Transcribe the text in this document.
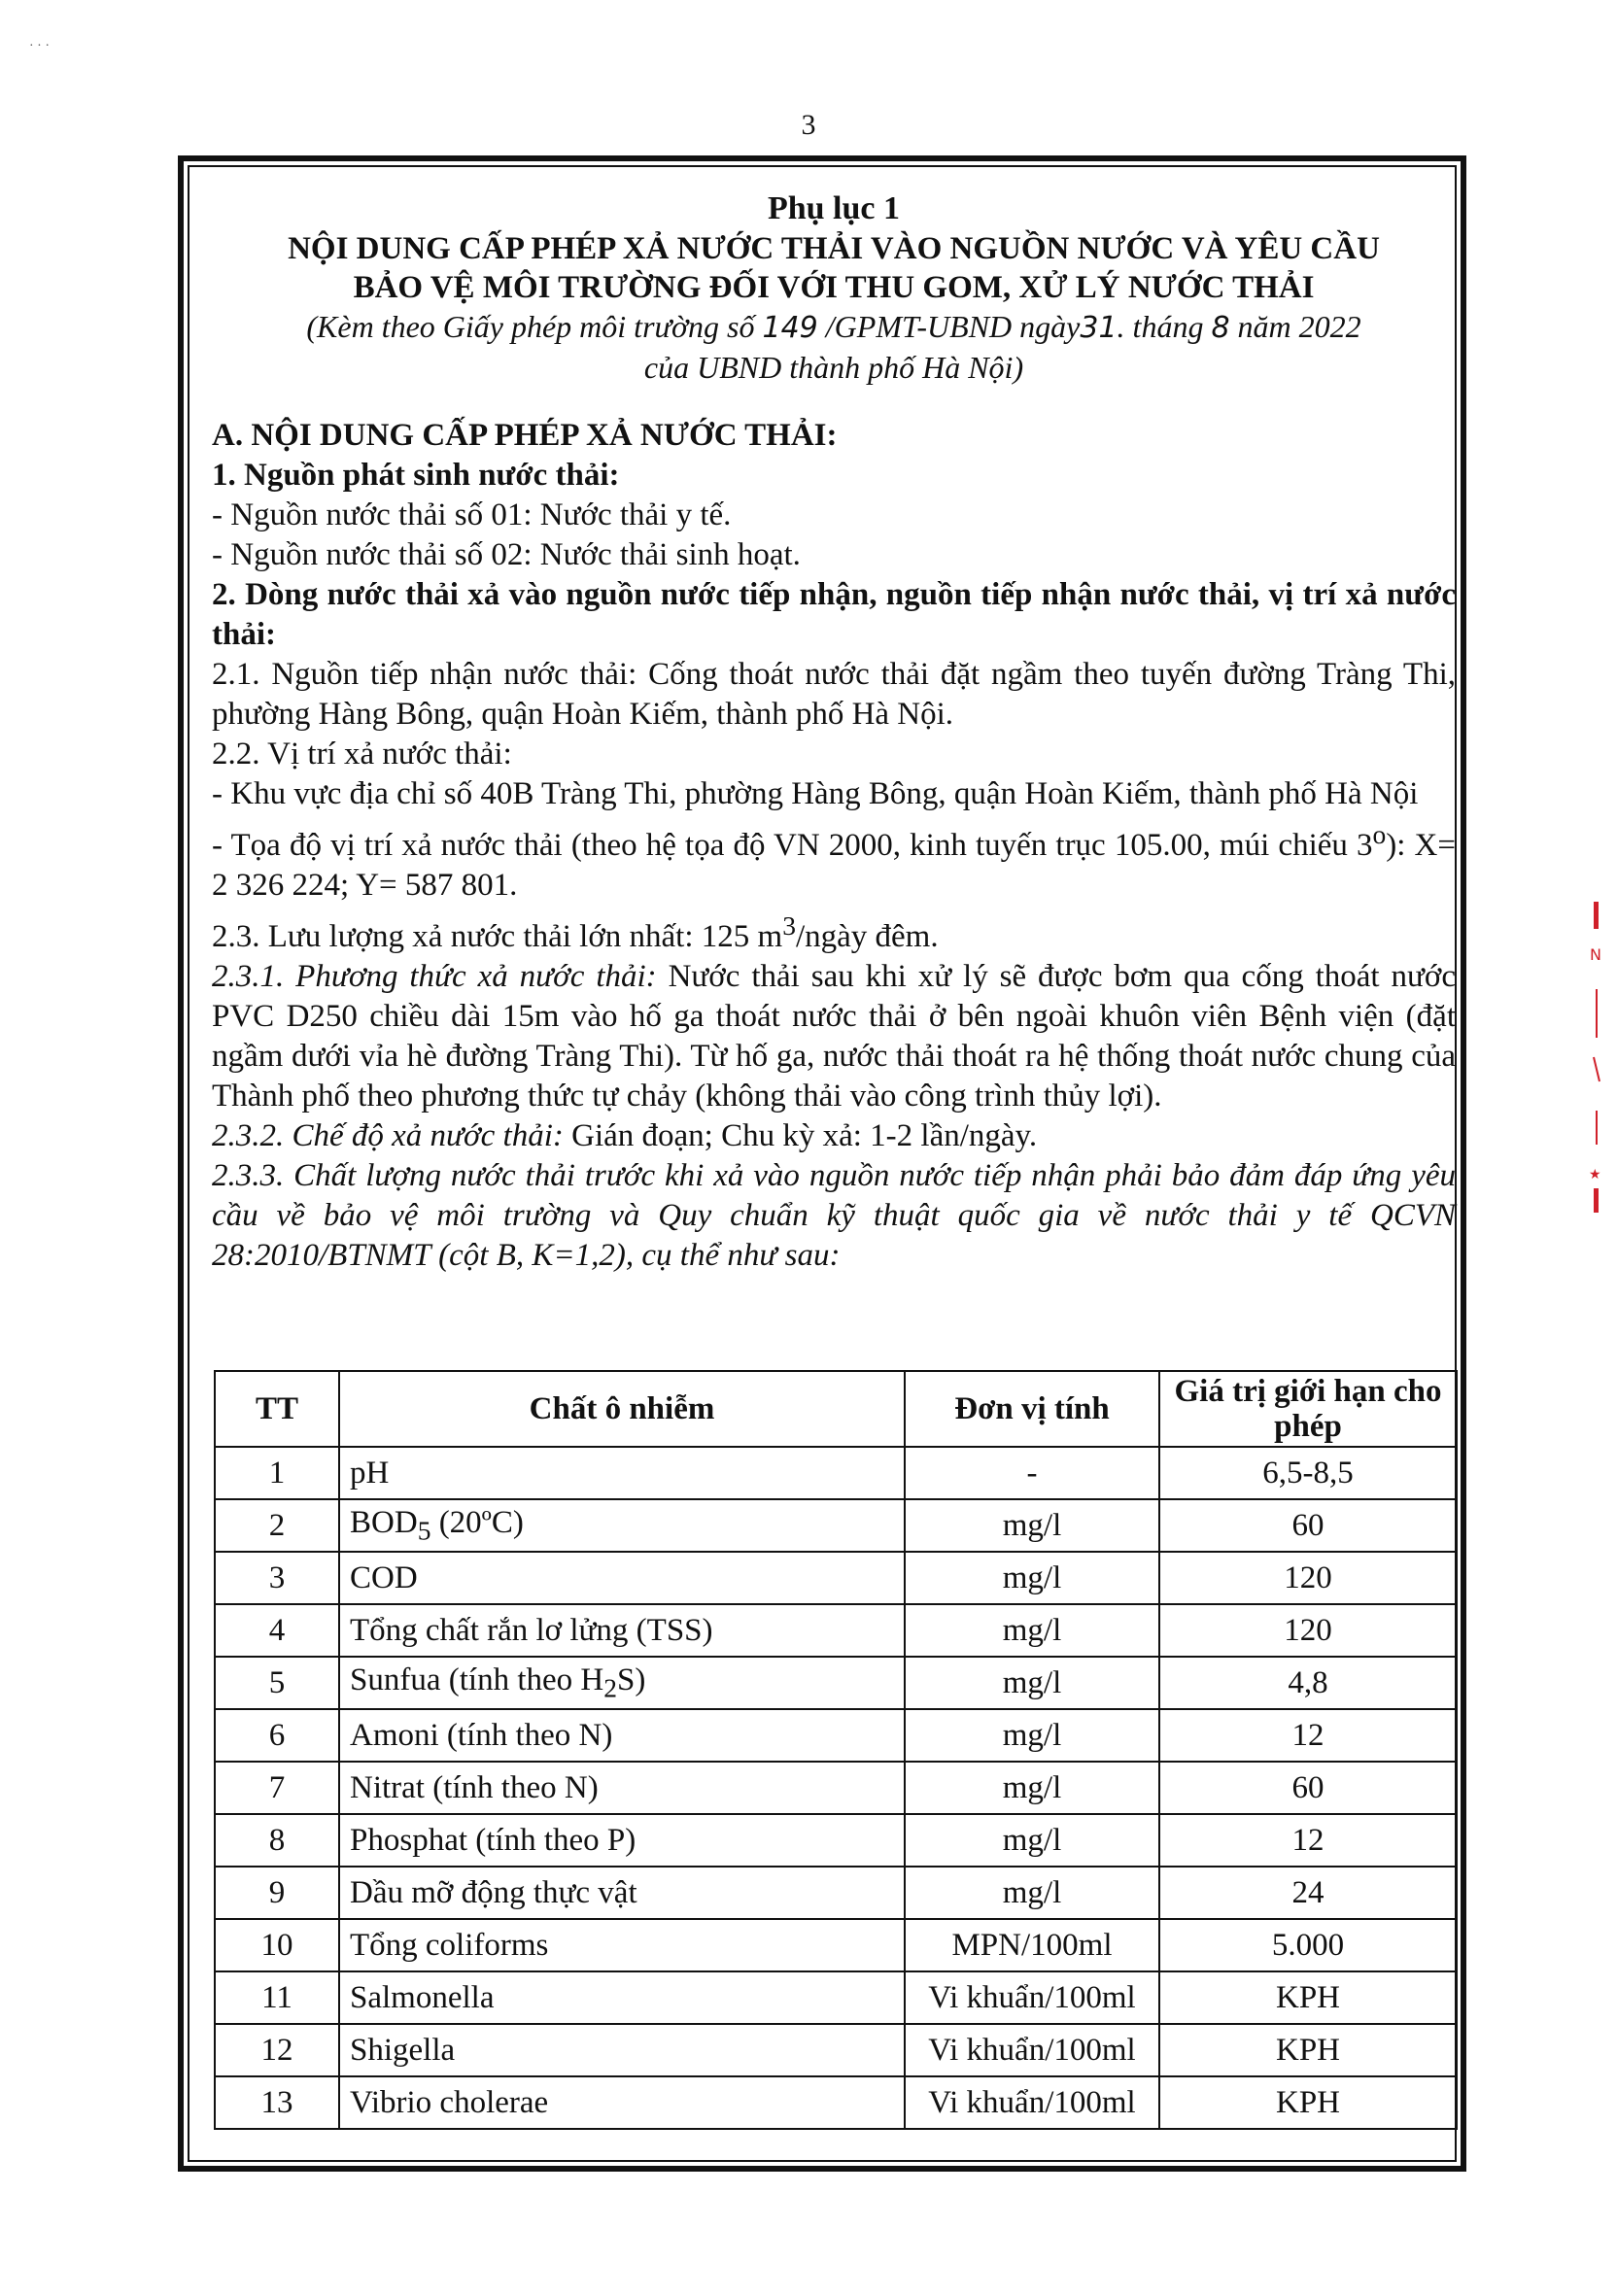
· · ·
3
Phụ lục 1
NỘI DUNG CẤP PHÉP XẢ NƯỚC THẢI VÀO NGUỒN NƯỚC VÀ YÊU CẦU
BẢO VỆ MÔI TRƯỜNG ĐỐI VỚI THU GOM, XỬ LÝ NƯỚC THẢI
(Kèm theo Giấy phép môi trường số 149 /GPMT-UBND ngày31. tháng 8 năm 2022
của UBND thành phố Hà Nội)
A. NỘI DUNG CẤP PHÉP XẢ NƯỚC THẢI:
1. Nguồn phát sinh nước thải:
- Nguồn nước thải số 01: Nước thải y tế.
- Nguồn nước thải số 02: Nước thải sinh hoạt.
2. Dòng nước thải xả vào nguồn nước tiếp nhận, nguồn tiếp nhận nước thải, vị trí xả nước thải:
2.1. Nguồn tiếp nhận nước thải: Cống thoát nước thải đặt ngầm theo tuyến đường Tràng Thi, phường Hàng Bông, quận Hoàn Kiếm, thành phố Hà Nội.
2.2. Vị trí xả nước thải:
- Khu vực địa chỉ số 40B Tràng Thi, phường Hàng Bông, quận Hoàn Kiếm, thành phố Hà Nội
- Tọa độ vị trí xả nước thải (theo hệ tọa độ VN 2000, kinh tuyến trục 105.00, múi chiếu 3$^o$): X= 2 326 224; Y= 587 801.
2.3. Lưu lượng xả nước thải lớn nhất: 125 $m^3$/ngày đêm.
2.3.1. Phương thức xả nước thải: Nước thải sau khi xử lý sẽ được bơm qua cống thoát nước PVC D250 chiều dài 15m vào hố ga thoát nước thải ở bên ngoài khuôn viên Bệnh viện (đặt ngầm dưới vỉa hè đường Tràng Thi). Từ hố ga, nước thải thoát ra hệ thống thoát nước chung của Thành phố theo phương thức tự chảy (không thải vào công trình thủy lợi).
2.3.2. Chế độ xả nước thải: Gián đoạn; Chu kỳ xả: 1-2 lần/ngày.
2.3.3. Chất lượng nước thải trước khi xả vào nguồn nước tiếp nhận phải bảo đảm đáp ứng yêu cầu về bảo vệ môi trường và Quy chuẩn kỹ thuật quốc gia về nước thải y tế QCVN 28:2010/BTNMT (cột B, K=1,2), cụ thể như sau:
TT	Chất ô nhiễm	Đơn vị tính	Giá trị giới hạn cho phép
1	pH	-	6,5-8,5
2	$BOD_5$ (20ºC)	mg/l	60
3	COD	mg/l	120
4	Tổng chất rắn lơ lửng (TSS)	mg/l	120
5	Sunfua (tính theo $H_2S$)	mg/l	4,8
6	Amoni (tính theo N)	mg/l	12
7	Nitrat (tính theo N)	mg/l	60
8	Phosphat (tính theo P)	mg/l	12
9	Dầu mỡ động thực vật	mg/l	24
10	Tổng coliforms	MPN/100ml	5.000
11	Salmonella	Vi khuẩn/100ml	KPH
12	Shigella	Vi khuẩn/100ml	KPH
13	Vibrio cholerae	Vi khuẩn/100ml	KPH
N
★
